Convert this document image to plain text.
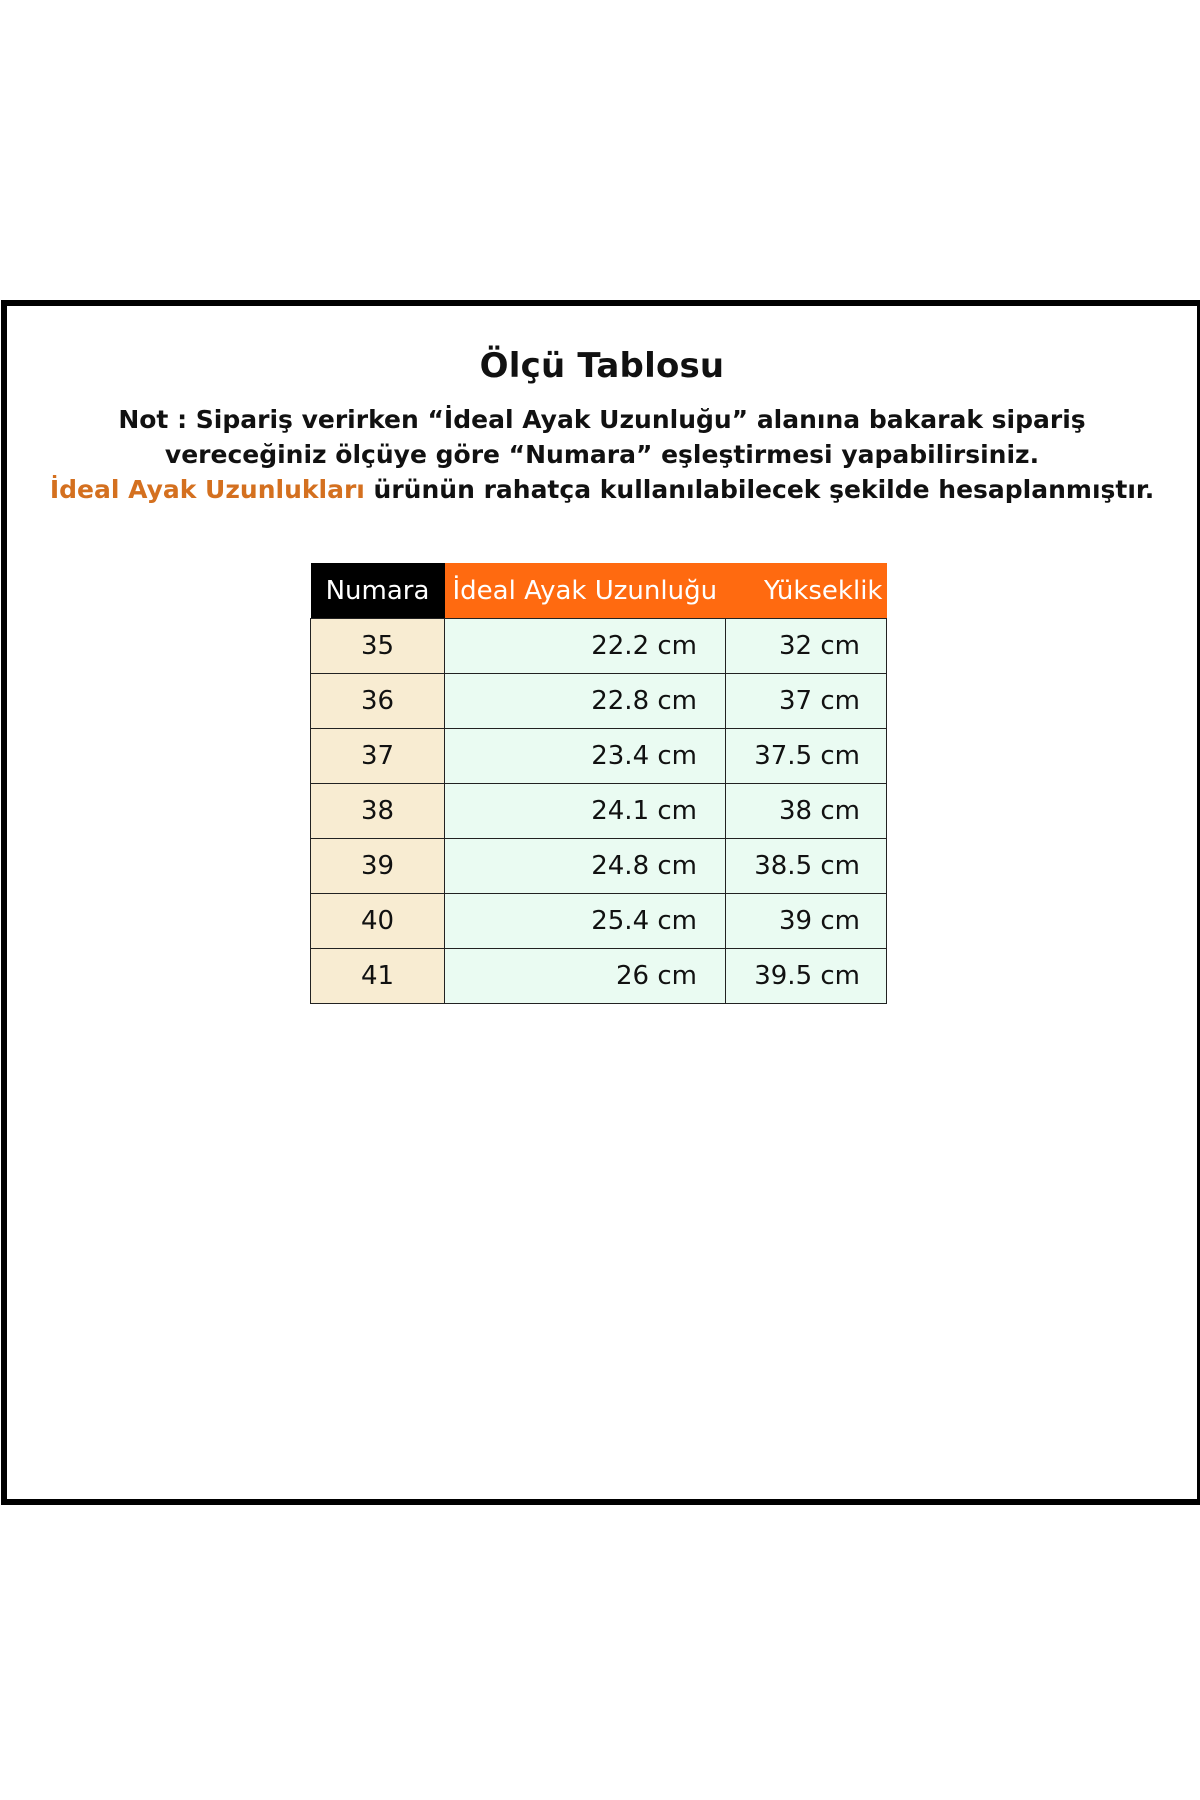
Ölçü Tablosu
Not : Sipariş verirken “İdeal Ayak Uzunluğu” alanına bakarak sipariş
vereceğiniz ölçüye göre “Numara” eşleştirmesi yapabilirsiniz.
İdeal Ayak Uzunlukları ürünün rahatça kullanılabilecek şekilde hesaplanmıştır.
Numara	İdeal Ayak Uzunluğu	Yükseklik
35	22.2 cm	32 cm
36	22.8 cm	37 cm
37	23.4 cm	37.5 cm
38	24.1 cm	38 cm
39	24.8 cm	38.5 cm
40	25.4 cm	39 cm
41	26 cm	39.5 cm
